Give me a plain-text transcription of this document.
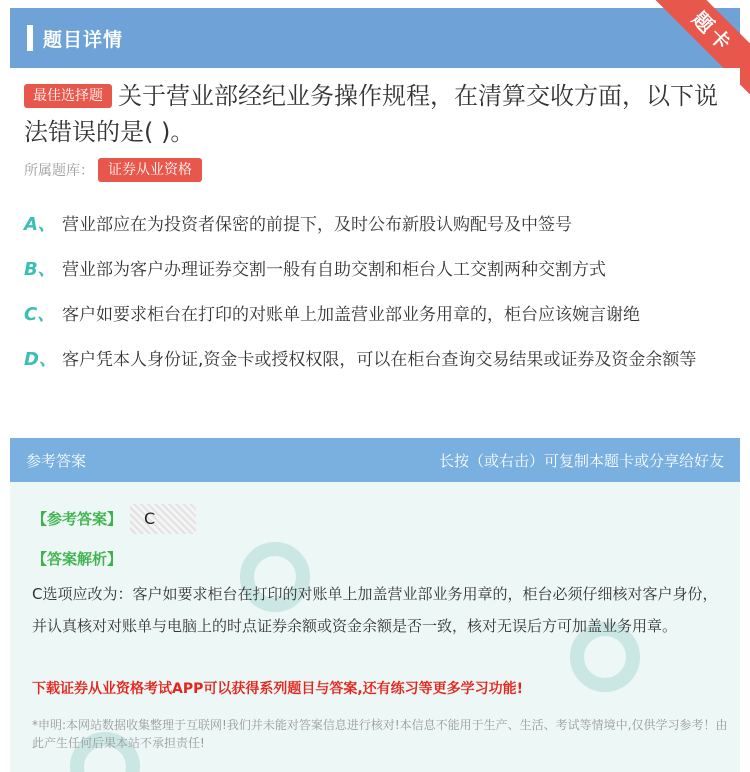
题目详情	题卡
最佳选择题 关于营业部经纪业务操作规程，在清算交收方面，以下说法错误的是( )。
所属题库：	证券从业资格
A、 营业部应在为投资者保密的前提下，及时公布新股认购配号及中签号
B、 营业部为客户办理证券交割一般有自助交割和柜台人工交割两种交割方式
C、 客户如要求柜台在打印的对账单上加盖营业部业务用章的，柜台应该婉言谢绝
D、 客户凭本人身份证,资金卡或授权权限，可以在柜台查询交易结果或证券及资金余额等
参考答案	长按（或右击）可复制本题卡或分享给好友
【参考答案】	C
【答案解析】
C选项应改为：客户如要求柜台在打印的对账单上加盖营业部业务用章的，柜台必须仔细核对客户身份，并认真核对对账单与电脑上的时点证券余额或资金余额是否一致，核对无误后方可加盖业务用章。
下载证券从业资格考试APP可以获得系列题目与答案,还有练习等更多学习功能!
*申明:本网站数据收集整理于互联网!我们并未能对答案信息进行核对!本信息不能用于生产、生活、考试等情境中,仅供学习参考！由此产生任何后果本站不承担责任!
